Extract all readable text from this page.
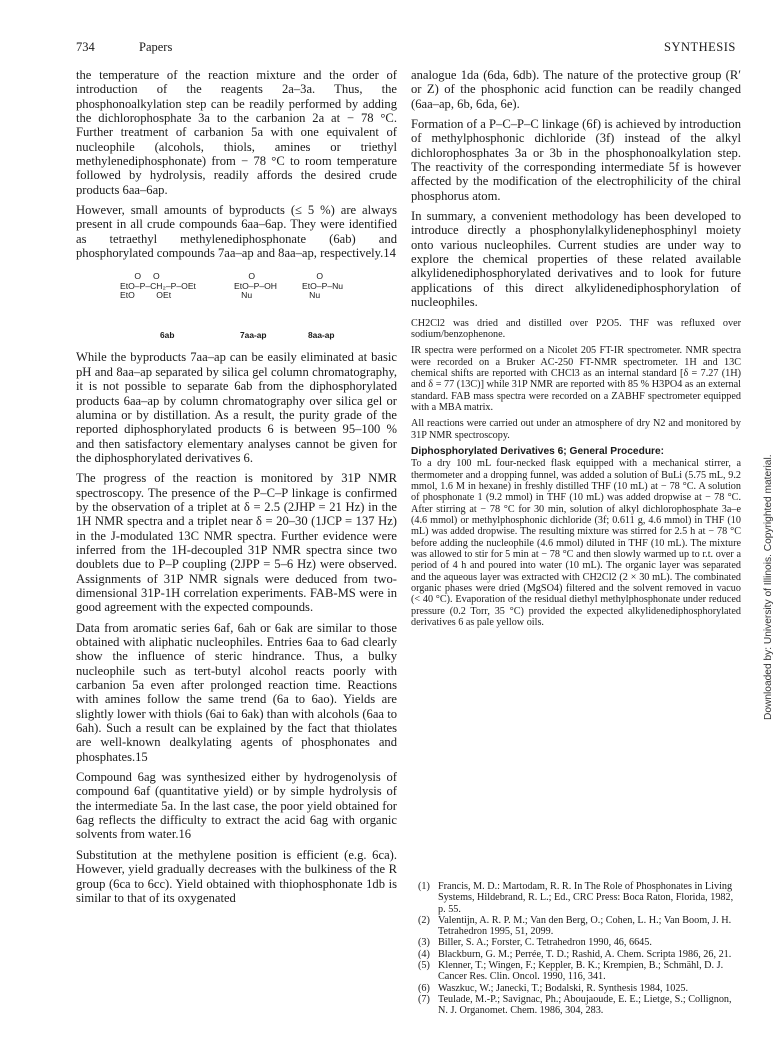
734	Papers	SYNTHESIS

the temperature of the reaction mixture and the order of introduction of the reagents 2a–3a. Thus, the phosphonoalkylation step can be readily performed by adding the dichlorophosphate 3a to the carbanion 2a at − 78 °C. Further treatment of carbanion 5a with one equivalent of nucleophile (alcohols, thiols, amines or triethyl methylenediphosphonate) from − 78 °C to room temperature followed by hydrolysis, readily affords the desired crude products 6aa–6ap.

However, small amounts of byproducts (≤ 5 %) are always present in all crude compounds 6aa–6ap. They were identified as tetraethyl methylenediphosphonate (6ab) and phosphorylated compounds 7aa–ap and 8aa–ap, respectively.14

O     O
EtO–P–CH₂–P–OEt
EtO         OEt
O
EtO–P–OH
Nu
O
EtO–P–Nu
Nu
6ab	7aa-ap	8aa-ap

While the byproducts 7aa–ap can be easily eliminated at basic pH and 8aa–ap separated by silica gel column chromatography, it is not possible to separate 6ab from the diphosphorylated products 6aa–ap by column chromatography over silica gel or alumina or by distillation. As a result, the purity grade of the reported diphosphorylated products 6 is between 95–100 % and then satisfactory elementary analyses cannot be given for the diphosphorylated derivatives 6.

The progress of the reaction is monitored by 31P NMR spectroscopy. The presence of the P–C–P linkage is confirmed by the observation of a triplet at δ = 2.5 (2JHP = 21 Hz) in the 1H NMR spectra and a triplet near δ = 20–30 (1JCP = 137 Hz) in the J-modulated 13C NMR spectra. Further evidence were inferred from the 1H-decoupled 31P NMR spectra since two doublets due to P–P coupling (2JPP = 5–6 Hz) were observed. Assignments of 31P NMR signals were deduced from two-dimensional 31P-1H correlation experiments. FAB-MS were in good agreement with the expected compounds.

Data from aromatic series 6af, 6ah or 6ak are similar to those obtained with aliphatic nucleophiles. Entries 6aa to 6ad clearly show the influence of steric hindrance. Thus, a bulky nucleophile such as tert-butyl alcohol reacts poorly with carbanion 5a even after prolonged reaction time. Reactions with amines follow the same trend (6a to 6ao). Yields are slightly lower with thiols (6ai to 6ak) than with alcohols (6aa to 6ah). Such a result can be explained by the fact that thiolates are well-known dealkylating agents of phosphonates and phosphates.15

Compound 6ag was synthesized either by hydrogenolysis of compound 6af (quantitative yield) or by simple hydrolysis of the intermediate 5a. In the last case, the poor yield obtained for 6ag reflects the difficulty to extract the acid 6ag with organic solvents from water.16

Substitution at the methylene position is efficient (e.g. 6ca). However, yield gradually decreases with the bulkiness of the R group (6ca to 6cc). Yield obtained with thiophosphonate 1db is similar to that of its oxygenated

analogue 1da (6da, 6db). The nature of the protective group (R′ or Z) of the phosphonic acid function can be readily changed (6aa–ap, 6b, 6da, 6e).

Formation of a P–C–P–C linkage (6f) is achieved by introduction of methylphosphonic dichloride (3f) instead of the alkyl dichlorophosphates 3a or 3b in the phosphonoalkylation step. The reactivity of the corresponding intermediate 5f is however affected by the modification of the electrophilicity of the chiral phosphorus atom.

In summary, a convenient methodology has been developed to introduce directly a phosphonylalkylidenephosphinyl moiety onto various nucleophiles. Current studies are under way to explore the chemical properties of these related available alkylidenediphosphorylated derivatives and to look for future applications of this direct alkylidenediphosphorylation of nucleophiles.

CH2Cl2 was dried and distilled over P2O5. THF was refluxed over sodium/benzophenone.

IR spectra were performed on a Nicolet 205 FT-IR spectrometer. NMR spectra were recorded on a Bruker AC-250 FT-NMR spectrometer. 1H and 13C chemical shifts are reported with CHCl3 as an internal standard [δ = 7.27 (1H) and δ = 77 (13C)] while 31P NMR are reported with 85 % H3PO4 as an external standard. FAB mass spectra were recorded on a ZABHF spectrometer equipped with a MBA matrix.

All reactions were carried out under an atmosphere of dry N2 and monitored by 31P NMR spectroscopy.

Diphosphorylated Derivatives 6; General Procedure:

To a dry 100 mL four-necked flask equipped with a mechanical stirrer, a thermometer and a dropping funnel, was added a solution of BuLi (5.75 mL, 9.2 mmol, 1.6 M in hexane) in freshly distilled THF (10 mL) at − 78 °C. A solution of phosphonate 1 (9.2 mmol) in THF (10 mL) was added dropwise at − 78 °C. After stirring at − 78 °C for 30 min, solution of alkyl dichlorophosphate 3a–e (4.6 mmol) or methylphosphonic dichloride (3f; 0.611 g, 4.6 mmol) in THF (10 mL) was added dropwise. The resulting mixture was stirred for 2.5 h at − 78 °C before adding the nucleophile (4.6 mmol) diluted in THF (10 mL). The mixture was allowed to stir for 5 min at − 78 °C and then slowly warmed up to r.t. over a period of 4 h and poured into water (10 mL). The organic layer was separated and the aqueous layer was extracted with CH2Cl2 (2 × 30 mL). The combinated organic phases were dried (MgSO4) filtered and the solvent removed in vacuo (< 40 °C). Evaporation of the residual diethyl methylphosphonate under reduced pressure (0.2 Torr, 35 °C) provided the expected alkylidenediphosphorylated derivatives 6 as pale yellow oils.

(1) Francis, M. D.: Martodam, R. R. In The Role of Phosphonates in Living Systems, Hildebrand, R. L.; Ed., CRC Press: Boca Raton, Florida, 1982, p. 55.
(2) Valentijn, A. R. P. M.; Van den Berg, O.; Cohen, L. H.; Van Boom, J. H. Tetrahedron 1995, 51, 2099.
(3) Biller, S. A.; Forster, C. Tetrahedron 1990, 46, 6645.
(4) Blackburn, G. M.; Perrée, T. D.; Rashid, A. Chem. Scripta 1986, 26, 21.
(5) Klenner, T.; Wingen, F.; Keppler, B. K.; Krempien, B.; Schmähl, D. J. Cancer Res. Clin. Oncol. 1990, 116, 341.
(6) Waszkuc, W.; Janecki, T.; Bodalski, R. Synthesis 1984, 1025.
(7) Teulade, M.-P.; Savignac, Ph.; Aboujaoude, E. E.; Lietge, S.; Collignon, N. J. Organomet. Chem. 1986, 304, 283.
Downloaded by: University of Illinois. Copyrighted material.
